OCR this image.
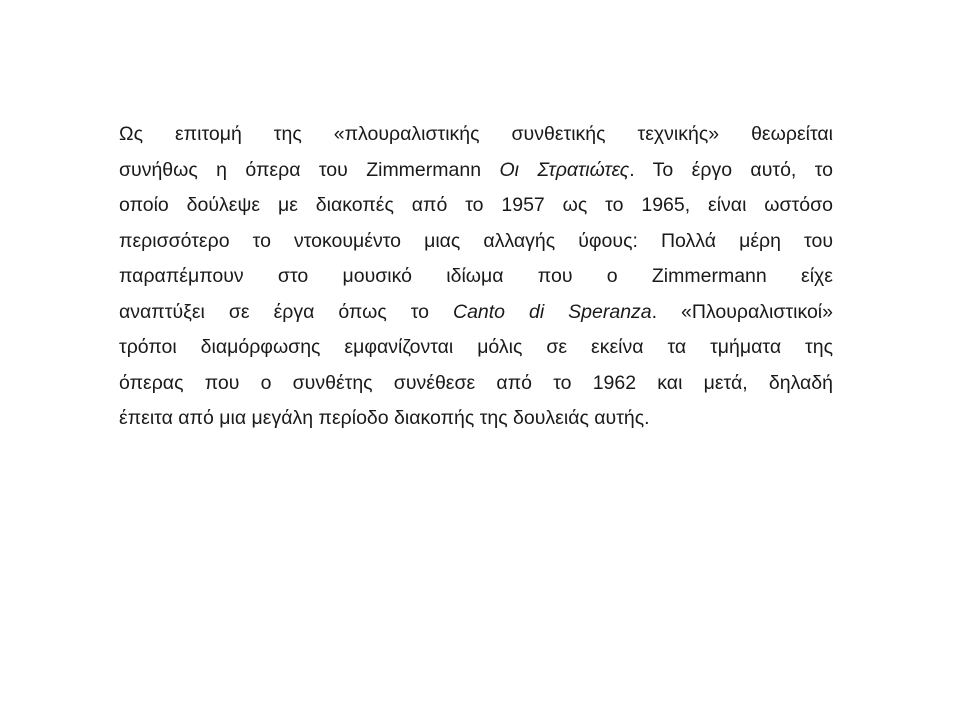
Ως επιτομή της «πλουραλιστικής συνθετικής τεχνικής» θεωρείται
συνήθως η όπερα του Zimmermann Οι Στρατιώτες. Το έργο αυτό, το
οποίο δούλεψε με διακοπές από το 1957 ως το 1965, είναι ωστόσο
περισσότερο το ντοκουμέντο μιας αλλαγής ύφους: Πολλά μέρη του
παραπέμπουν στο μουσικό ιδίωμα που ο Zimmermann είχε
αναπτύξει σε έργα όπως το Canto di Speranza. «Πλουραλιστικοί»
τρόποι διαμόρφωσης εμφανίζονται μόλις σε εκείνα τα τμήματα της
όπερας που ο συνθέτης συνέθεσε από το 1962 και μετά, δηλαδή
έπειτα από μια μεγάλη περίοδο διακοπής της δουλειάς αυτής.
